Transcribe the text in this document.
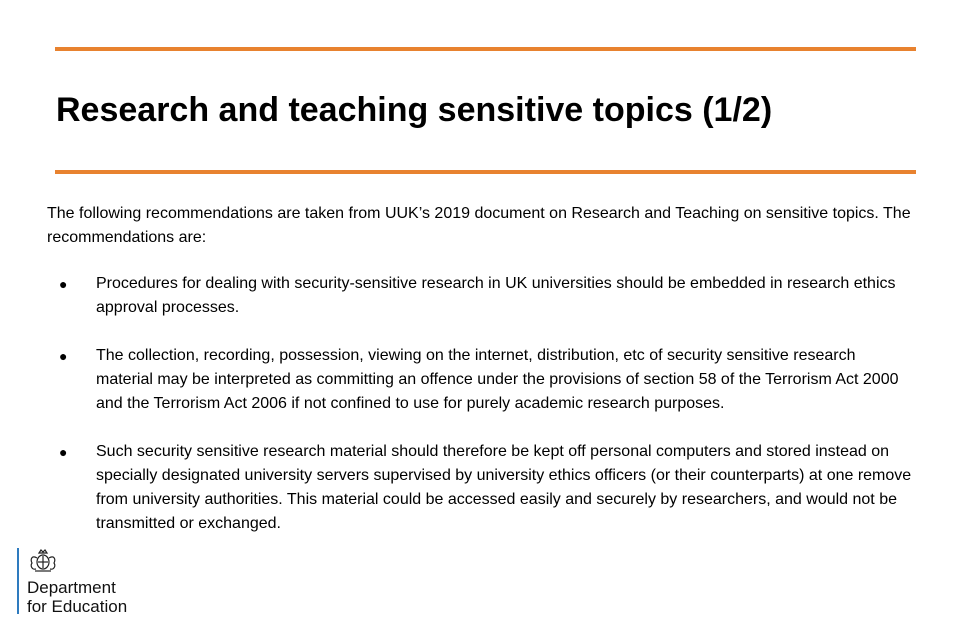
Research and teaching sensitive topics (1/2)

The following recommendations are taken from UUK’s 2019 document on Research and Teaching on sensitive topics. The recommendations are:

● Procedures for dealing with security-sensitive research in UK universities should be embedded in research ethics approval processes.
● The collection, recording, possession, viewing on the internet, distribution, etc of security sensitive research material may be interpreted as committing an offence under the provisions of section 58 of the Terrorism Act 2000 and the Terrorism Act 2006 if not confined to use for purely academic research purposes.
● Such security sensitive research material should therefore be kept off personal computers and stored instead on specially designated university servers supervised by university ethics officers (or their counterparts) at one remove from university authorities. This material could be accessed easily and securely by researchers, and would not be transmitted or exchanged.
Department
for Education
